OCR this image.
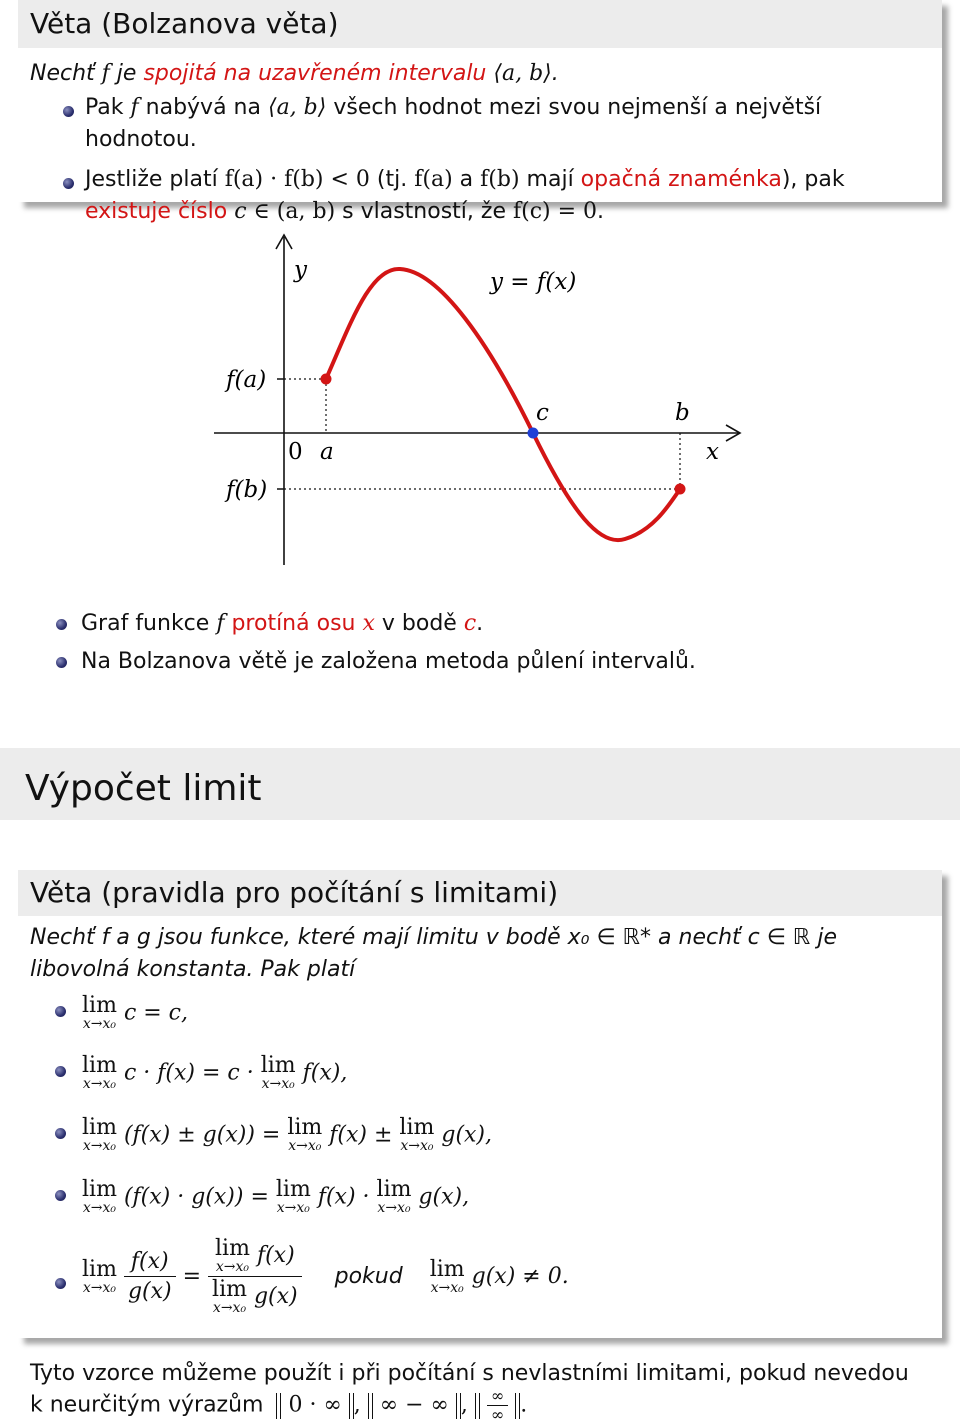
Věta (Bolzanova věta)
Nechť f je spojitá na uzavřeném intervalu ⟨a, b⟩.
Pak f nabývá na ⟨a, b⟩ všech hodnot mezi svou nejmenší a největší hodnotou.
Jestliže platí f(a) · f(b) < 0 (tj. f(a) a f(b) mají opačná znaménka), pak
existuje číslo c ∈ (a, b) s vlastností, že f(c) = 0.
y	y = f(x)
f(a)
f(b)
0 a
c	b
x
Graf funkce f protíná osu x v bodě c.
Na Bolzanova větě je založena metoda půlení intervalů.
Výpočet limit
Věta (pravidla pro počítání s limitami)
Nechť f a g jsou funkce, které mají limitu v bodě x₀ ∈ ℝ* a nechť c ∈ ℝ je
libovolná konstanta. Pak platí
lim
x→x₀ c = c,
lim
x→x₀ c · f(x) = c · lim
x→x₀ f(x),
lim
x→x₀ (f(x) ± g(x)) = lim
x→x₀ f(x) ± lim
x→x₀ g(x),
lim
x→x₀ (f(x) · g(x)) = lim
x→x₀ f(x) · lim
x→x₀ g(x),
lim
x→x₀
$\frac{f(x)}{g(x)} = \lim$
x→x₀ f(x)
lim
x→x₀ g(x) pokud lim
x→x₀ g(x) ≠ 0.
Tyto vzorce můžeme použít i při počítání s nevlastními limitami, pokud nevedou
k neurčitým výrazům 0 · ∞ , ∞ − ∞ , $\frac{\infty}{\infty}$ .
